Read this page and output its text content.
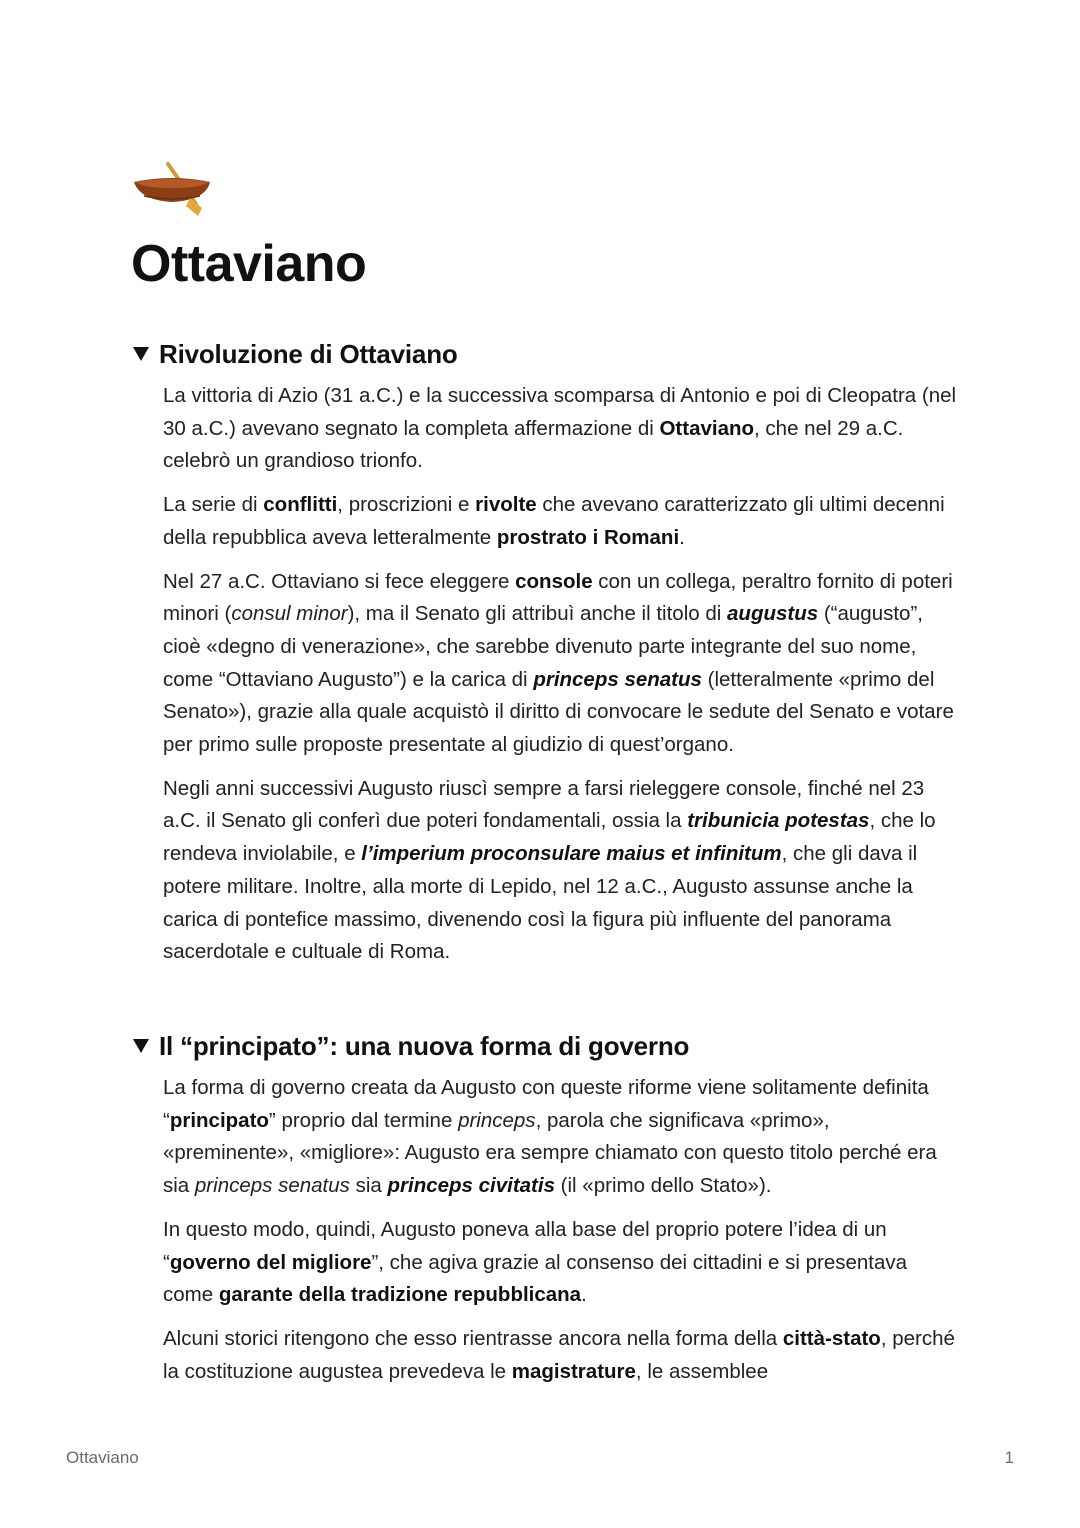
Ottaviano
Rivoluzione di Ottaviano

La vittoria di Azio (31 a.C.) e la successiva scomparsa di Antonio e poi di Cleopatra (nel 30 a.C.) avevano segnato la completa affermazione di Ottaviano, che nel 29 a.C. celebrò un grandioso trionfo.

La serie di conflitti, proscrizioni e rivolte che avevano caratterizzato gli ultimi decenni della repubblica aveva letteralmente prostrato i Romani.

Nel 27 a.C. Ottaviano si fece eleggere console con un collega, peraltro fornito di poteri minori (consul minor), ma il Senato gli attribuì anche il titolo di augustus (“augusto”, cioè «degno di venerazione», che sarebbe divenuto parte integrante del suo nome, come “Ottaviano Augusto”) e la carica di princeps senatus (letteralmente «primo del Senato»), grazie alla quale acquistò il diritto di convocare le sedute del Senato e votare per primo sulle proposte presentate al giudizio di quest’organo.

Negli anni successivi Augusto riuscì sempre a farsi rieleggere console, finché nel 23 a.C. il Senato gli conferì due poteri fondamentali, ossia la tribunicia potestas, che lo rendeva inviolabile, e l’imperium proconsulare maius et infinitum, che gli dava il potere militare. Inoltre, alla morte di Lepido, nel 12 a.C., Augusto assunse anche la carica di pontefice massimo, divenendo così la figura più influente del panorama sacerdotale e cultuale di Roma.

Il “principato”: una nuova forma di governo

La forma di governo creata da Augusto con queste riforme viene solitamente definita “principato” proprio dal termine princeps, parola che significava «primo», «preminente», «migliore»: Augusto era sempre chiamato con questo titolo perché era sia princeps senatus sia princeps civitatis (il «primo dello Stato»).

In questo modo, quindi, Augusto poneva alla base del proprio potere l’idea di un “governo del migliore”, che agiva grazie al consenso dei cittadini e si presentava come garante della tradizione repubblicana.

Alcuni storici ritengono che esso rientrasse ancora nella forma della città-stato, perché la costituzione augustea prevedeva le magistrature, le assemblee

Ottaviano	1
